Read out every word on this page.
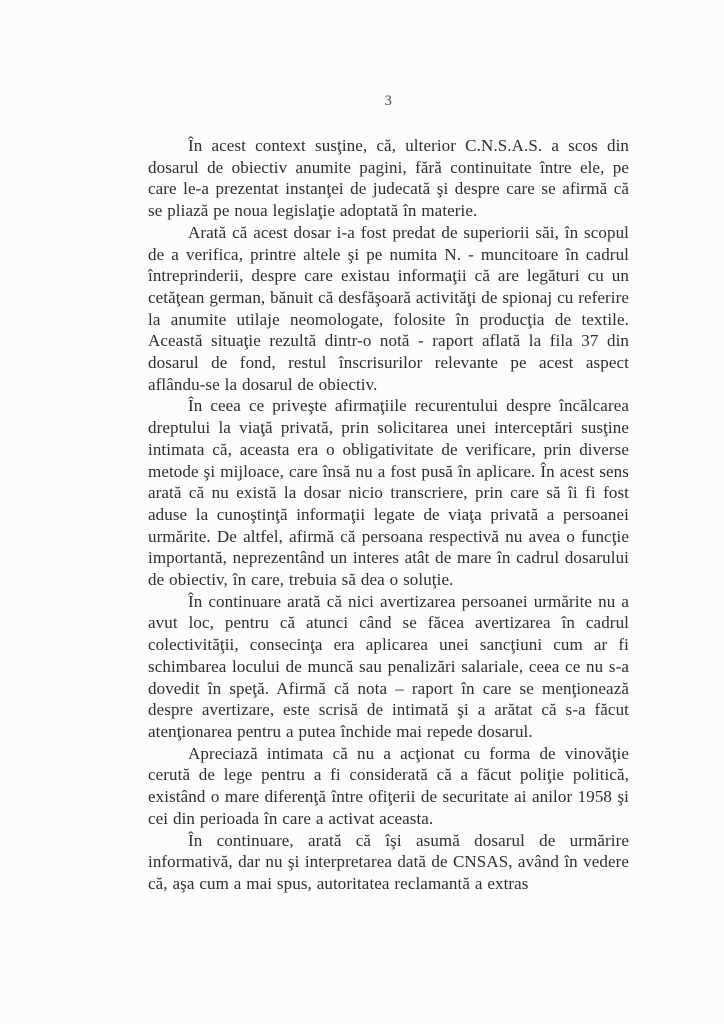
3

În acest context susţine, că, ulterior C.N.S.A.S. a scos din dosarul de obiectiv anumite pagini, fără continuitate între ele, pe care le-a prezentat instanţei de judecată şi despre care se afirmă că se pliază pe noua legislaţie adoptată în materie.

Arată că acest dosar i-a fost predat de superiorii săi, în scopul de a verifica, printre altele şi pe numita N. - muncitoare în cadrul întreprinderii, despre care existau informaţii că are legături cu un cetăţean german, bănuit că desfăşoară activităţi de spionaj cu referire la anumite utilaje neomologate, folosite în producţia de textile. Această situaţie rezultă dintr-o notă - raport aflată la fila 37 din dosarul de fond, restul înscrisurilor relevante pe acest aspect aflându-se la dosarul de obiectiv.

În ceea ce priveşte afirmaţiile recurentului despre încălcarea dreptului la viaţă privată, prin solicitarea unei interceptări susţine intimata că, aceasta era o obligativitate de verificare, prin diverse metode şi mijloace, care însă nu a fost pusă în aplicare. În acest sens arată că nu există la dosar nicio transcriere, prin care să îi fi fost aduse la cunoştinţă informaţii legate de viaţa privată a persoanei urmărite. De altfel, afirmă că persoana respectivă nu avea o funcţie importantă, neprezentând un interes atât de mare în cadrul dosarului de obiectiv, în care, trebuia să dea o soluţie.

În continuare arată că nici avertizarea persoanei urmărite nu a avut loc, pentru că atunci când se făcea avertizarea în cadrul colectivităţii, consecinţa era aplicarea unei sancţiuni cum ar fi schimbarea locului de muncă sau penalizări salariale, ceea ce nu s-a dovedit în speţă. Afirmă că nota – raport în care se menţionează despre avertizare, este scrisă de intimată şi a arătat că s-a făcut atenţionarea pentru a putea închide mai repede dosarul.

Apreciază intimata că nu a acţionat cu forma de vinovăţie cerută de lege pentru a fi considerată că a făcut poliţie politică, existând o mare diferenţă între ofiţerii de securitate ai anilor 1958 şi cei din perioada în care a activat aceasta.

În continuare, arată că îşi asumă dosarul de urmărire informativă, dar nu şi interpretarea dată de CNSAS, având în vedere că, aşa cum a mai spus, autoritatea reclamantă a extras
